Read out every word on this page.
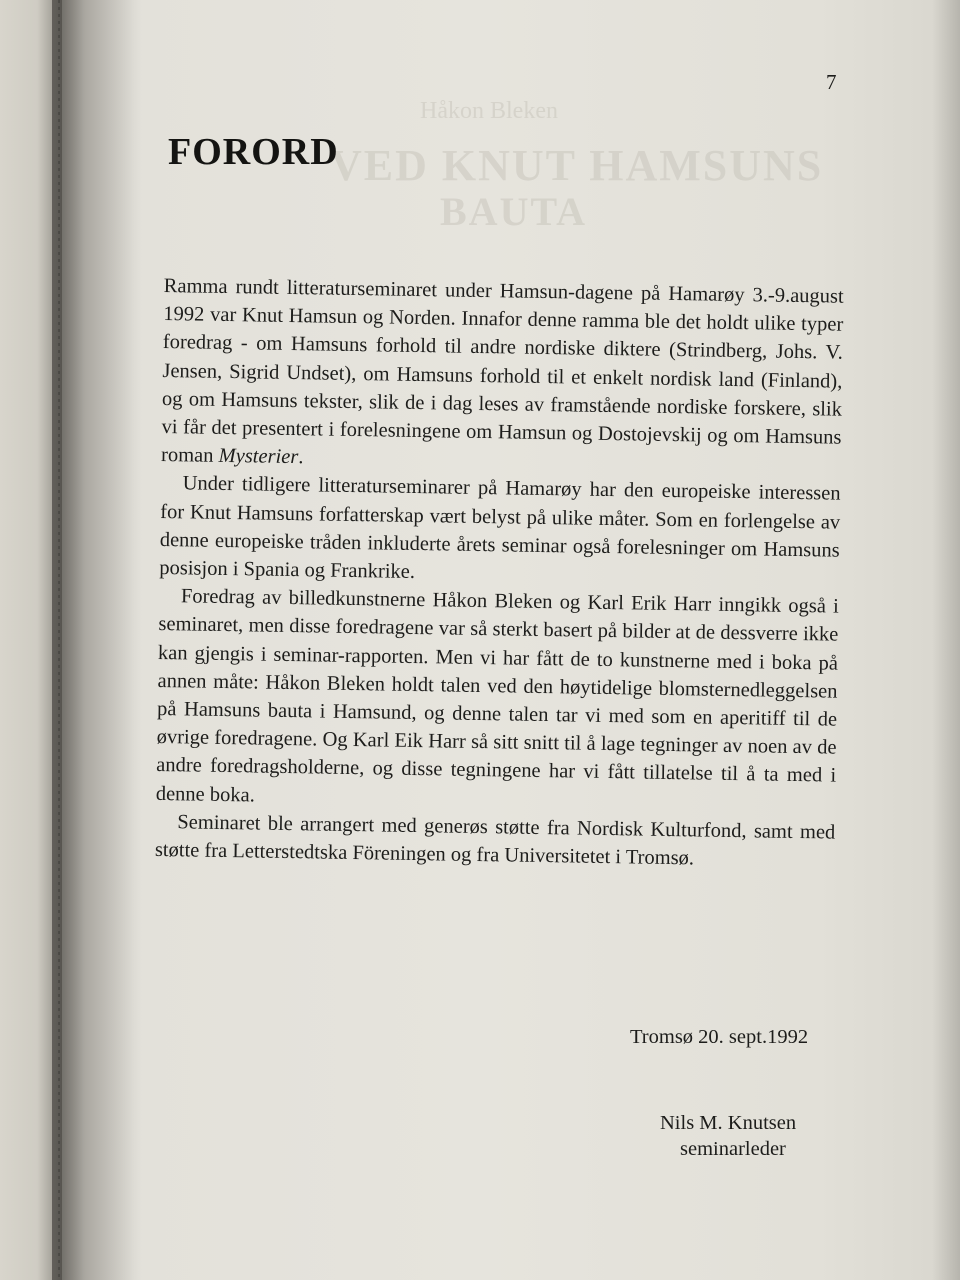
Håkon Bleken
VED KNUT HAMSUNS
BAUTA
7
FORORD

Ramma rundt litteraturseminaret under Hamsun-dagene på Hamarøy 3.-9.august 1992 var Knut Hamsun og Norden. Innafor denne ramma ble det holdt ulike typer foredrag - om Hamsuns forhold til andre nordiske diktere (Strindberg, Johs. V. Jensen, Sigrid Undset), om Hamsuns forhold til et enkelt nordisk land (Finland), og om Hamsuns tekster, slik de i dag leses av framstående nordiske forskere, slik vi får det presentert i forelesningene om Hamsun og Dostojevskij og om Hamsuns roman Mysterier.

Under tidligere litteraturseminarer på Hamarøy har den europeiske interessen for Knut Hamsuns forfatterskap vært belyst på ulike måter. Som en forlengelse av denne europeiske tråden inkluderte årets seminar også forelesninger om Hamsuns posisjon i Spania og Frankrike.

Foredrag av billedkunstnerne Håkon Bleken og Karl Erik Harr inngikk også i seminaret, men disse foredragene var så sterkt basert på bilder at de dessverre ikke kan gjengis i seminar-rapporten. Men vi har fått de to kunstnerne med i boka på annen måte: Håkon Bleken holdt talen ved den høytidelige blomsternedleggelsen på Hamsuns bauta i Hamsund, og denne talen tar vi med som en aperitiff til de øvrige foredragene. Og Karl Eik Harr så sitt snitt til å lage tegninger av noen av de andre foredragsholderne, og disse tegningene har vi fått tillatelse til å ta med i denne boka.

Seminaret ble arrangert med generøs støtte fra Nordisk Kulturfond, samt med støtte fra Letterstedtska Föreningen og fra Universitetet i Tromsø.

Tromsø 20. sept.1992
Nils M. Knutsen
seminarleder
